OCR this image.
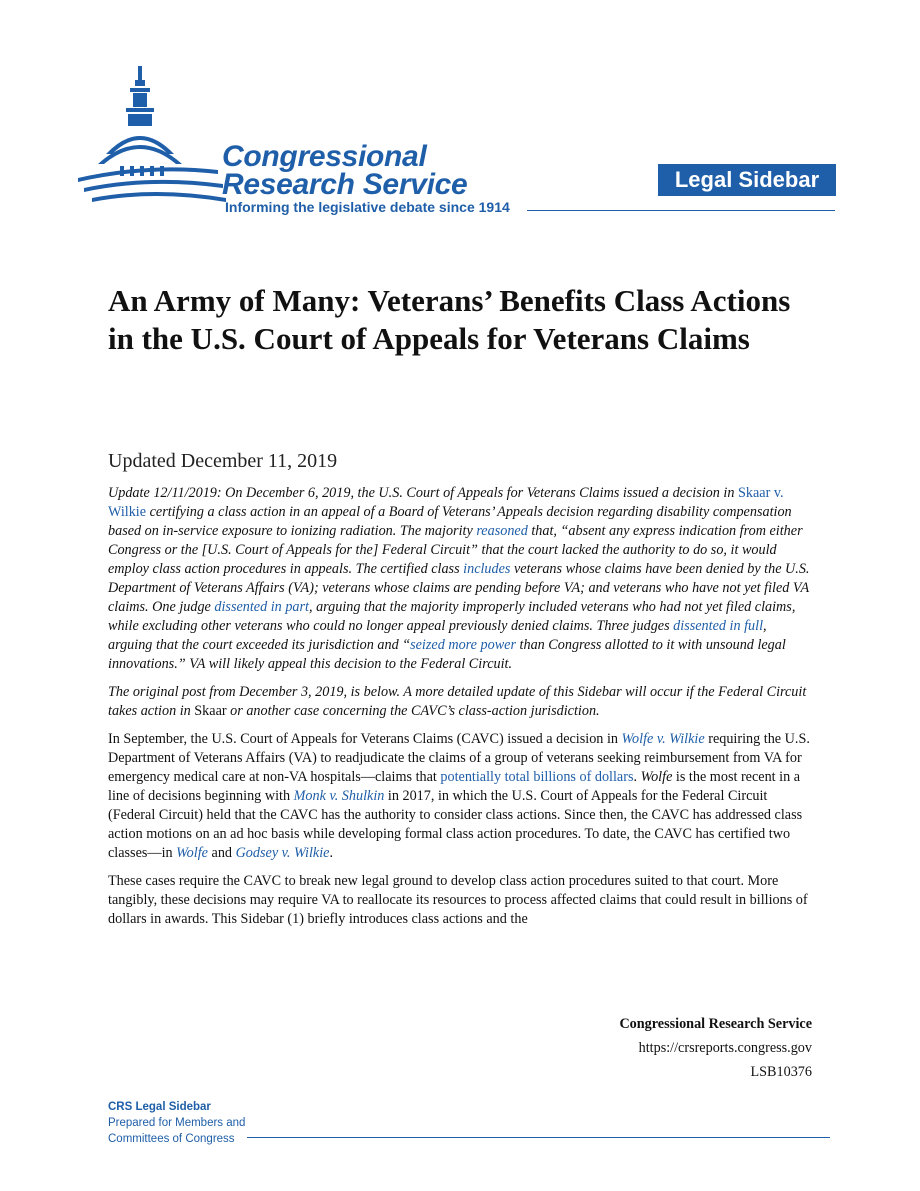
Congressional
Research Service
Informing the legislative debate since 1914
Legal Sidebar
An Army of Many: Veterans’ Benefits Class Actions in the U.S. Court of Appeals for Veterans Claims

Updated December 11, 2019

Update 12/11/2019: On December 6, 2019, the U.S. Court of Appeals for Veterans Claims issued a decision in Skaar v. Wilkie certifying a class action in an appeal of a Board of Veterans’ Appeals decision regarding disability compensation based on in-service exposure to ionizing radiation. The majority reasoned that, “absent any express indication from either Congress or the [U.S. Court of Appeals for the] Federal Circuit” that the court lacked the authority to do so, it would employ class action procedures in appeals. The certified class includes veterans whose claims have been denied by the U.S. Department of Veterans Affairs (VA); veterans whose claims are pending before VA; and veterans who have not yet filed VA claims. One judge dissented in part, arguing that the majority improperly included veterans who had not yet filed claims, while excluding other veterans who could no longer appeal previously denied claims. Three judges dissented in full, arguing that the court exceeded its jurisdiction and “seized more power than Congress allotted to it with unsound legal innovations.” VA will likely appeal this decision to the Federal Circuit.

The original post from December 3, 2019, is below. A more detailed update of this Sidebar will occur if the Federal Circuit takes action in Skaar or another case concerning the CAVC’s class-action jurisdiction.

In September, the U.S. Court of Appeals for Veterans Claims (CAVC) issued a decision in Wolfe v. Wilkie requiring the U.S. Department of Veterans Affairs (VA) to readjudicate the claims of a group of veterans seeking reimbursement from VA for emergency medical care at non-VA hospitals—claims that potentially total billions of dollars. Wolfe is the most recent in a line of decisions beginning with Monk v. Shulkin in 2017, in which the U.S. Court of Appeals for the Federal Circuit (Federal Circuit) held that the CAVC has the authority to consider class actions. Since then, the CAVC has addressed class action motions on an ad hoc basis while developing formal class action procedures. To date, the CAVC has certified two classes—in Wolfe and Godsey v. Wilkie.

These cases require the CAVC to break new legal ground to develop class action procedures suited to that court. More tangibly, these decisions may require VA to reallocate its resources to process affected claims that could result in billions of dollars in awards. This Sidebar (1) briefly introduces class actions and the

Congressional Research Service
https://crsreports.congress.gov
LSB10376
CRS Legal Sidebar
Prepared for Members and
Committees of Congress
